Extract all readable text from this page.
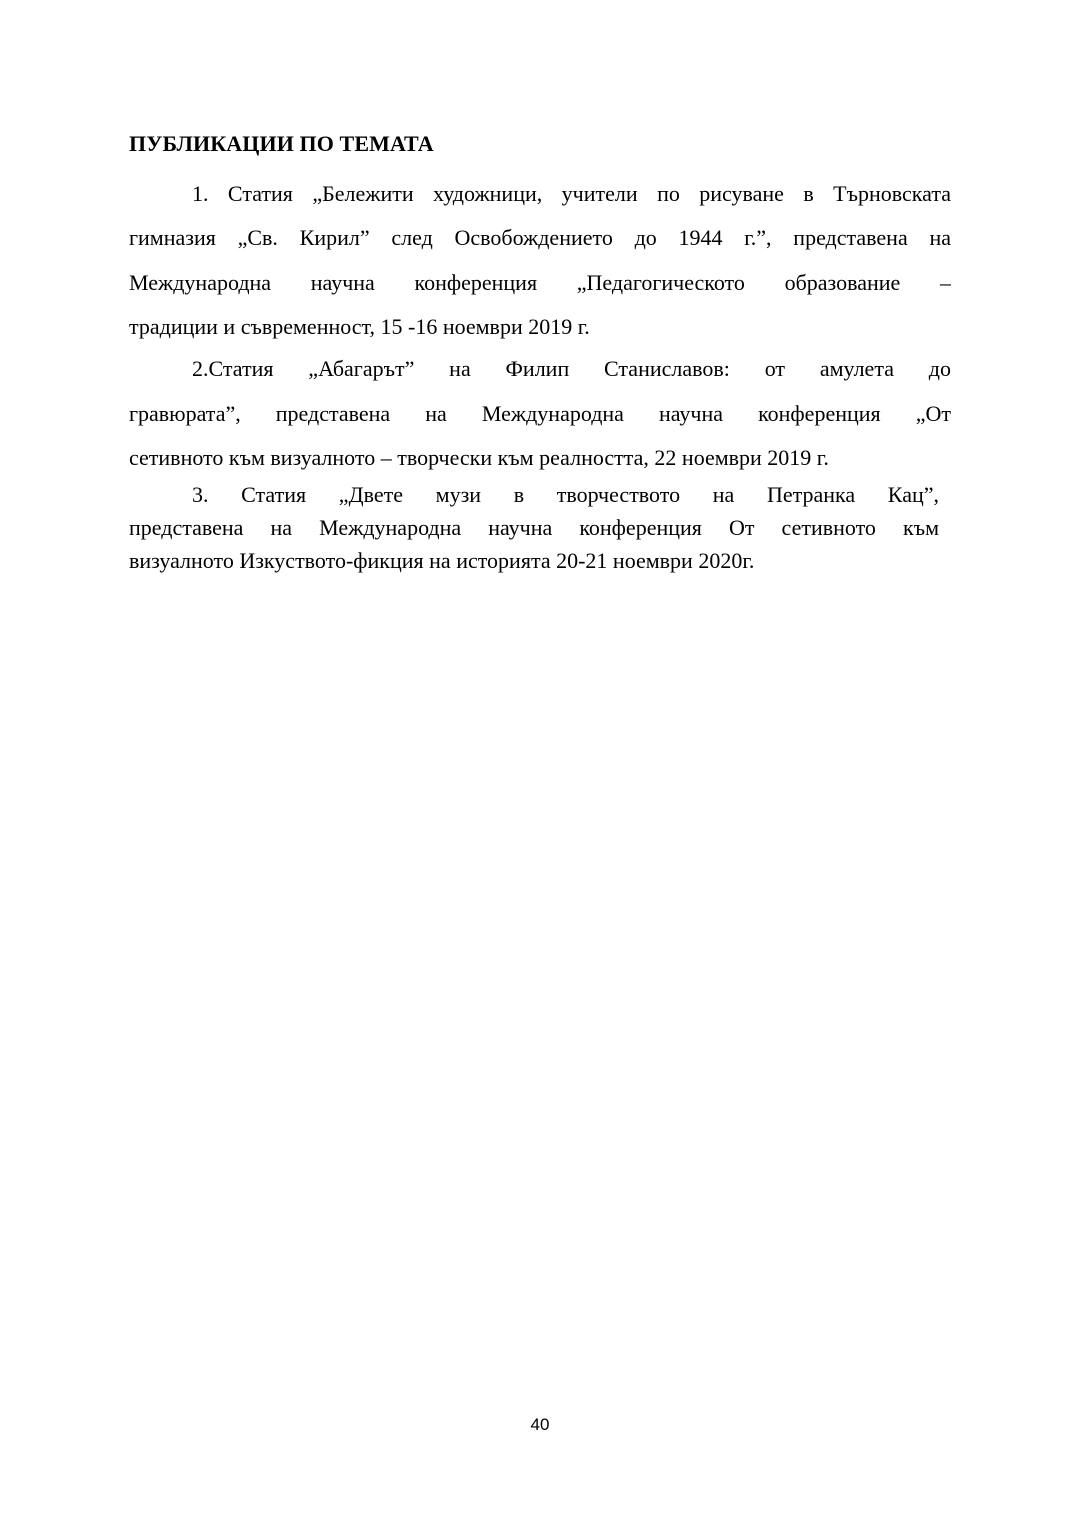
ПУБЛИКАЦИИ ПО ТЕМАТА
1. Статия „Бележити художници, учители по рисуване в Търновската
гимназия „Св. Кирил” след Освобождението до 1944 г.”, представена на
Международна научна конференция „Педагогическото образование –
традиции и съвременност, 15 -16 ноември 2019 г.
2.Статия „Абагарът” на Филип Станиславов: от амулета до
гравюрата”, представена на Международна научна конференция „От
сетивното към визуалното – творчески към реалността, 22 ноември 2019 г.
3. Статия „Двете музи в творчеството на Петранка Кац”,
представена на Международна научна конференция От сетивното към
визуалното Изкуството-фикция на историята 20-21 ноември 2020г.
40
